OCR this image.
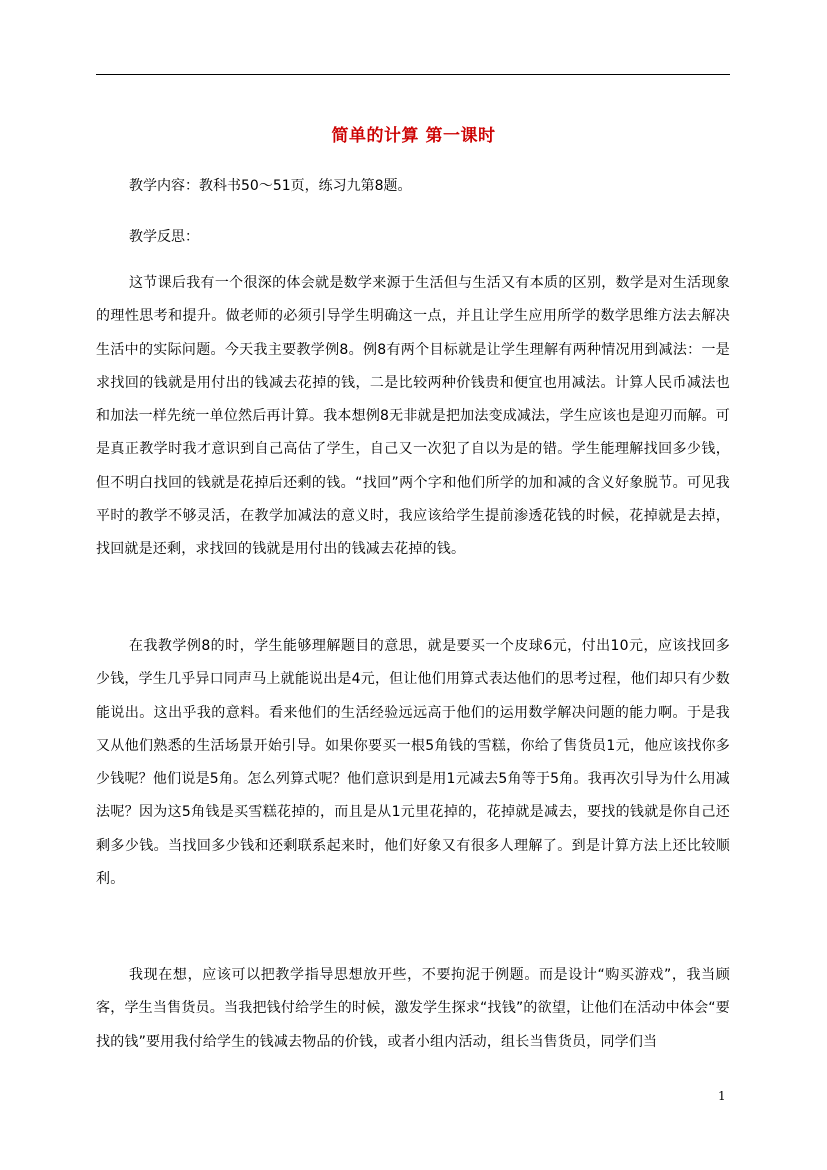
简单的计算 第一课时
教学内容：教科书50～51页，练习九第8题。
教学反思：

这节课后我有一个很深的体会就是数学来源于生活但与生活又有本质的区别，数学是对生活现象的理性思考和提升。做老师的必须引导学生明确这一点，并且让学生应用所学的数学思维方法去解决生活中的实际问题。今天我主要教学例8。例8有两个目标就是让学生理解有两种情况用到减法：一是求找回的钱就是用付出的钱减去花掉的钱，二是比较两种价钱贵和便宜也用减法。计算人民币减法也和加法一样先统一单位然后再计算。我本想例8无非就是把加法变成减法，学生应该也是迎刃而解。可是真正教学时我才意识到自己高估了学生，自己又一次犯了自以为是的错。学生能理解找回多少钱，但不明白找回的钱就是花掉后还剩的钱。“找回”两个字和他们所学的加和减的含义好象脱节。可见我平时的教学不够灵活，在教学加减法的意义时，我应该给学生提前渗透花钱的时候，花掉就是去掉，找回就是还剩，求找回的钱就是用付出的钱减去花掉的钱。

在我教学例8的时，学生能够理解题目的意思，就是要买一个皮球6元，付出10元，应该找回多少钱，学生几乎异口同声马上就能说出是4元，但让他们用算式表达他们的思考过程，他们却只有少数能说出。这出乎我的意料。看来他们的生活经验远远高于他们的运用数学解决问题的能力啊。于是我又从他们熟悉的生活场景开始引导。如果你要买一根5角钱的雪糕，你给了售货员1元，他应该找你多少钱呢？他们说是5角。怎么列算式呢？他们意识到是用1元减去5角等于5角。我再次引导为什么用减法呢？因为这5角钱是买雪糕花掉的，而且是从1元里花掉的，花掉就是减去，要找的钱就是你自己还剩多少钱。当找回多少钱和还剩联系起来时，他们好象又有很多人理解了。到是计算方法上还比较顺利。

我现在想，应该可以把教学指导思想放开些，不要拘泥于例题。而是设计“购买游戏”，我当顾客，学生当售货员。当我把钱付给学生的时候，激发学生探求“找钱”的欲望，让他们在活动中体会“要找的钱”要用我付给学生的钱减去物品的价钱，或者小组内活动，组长当售货员，同学们当

1
